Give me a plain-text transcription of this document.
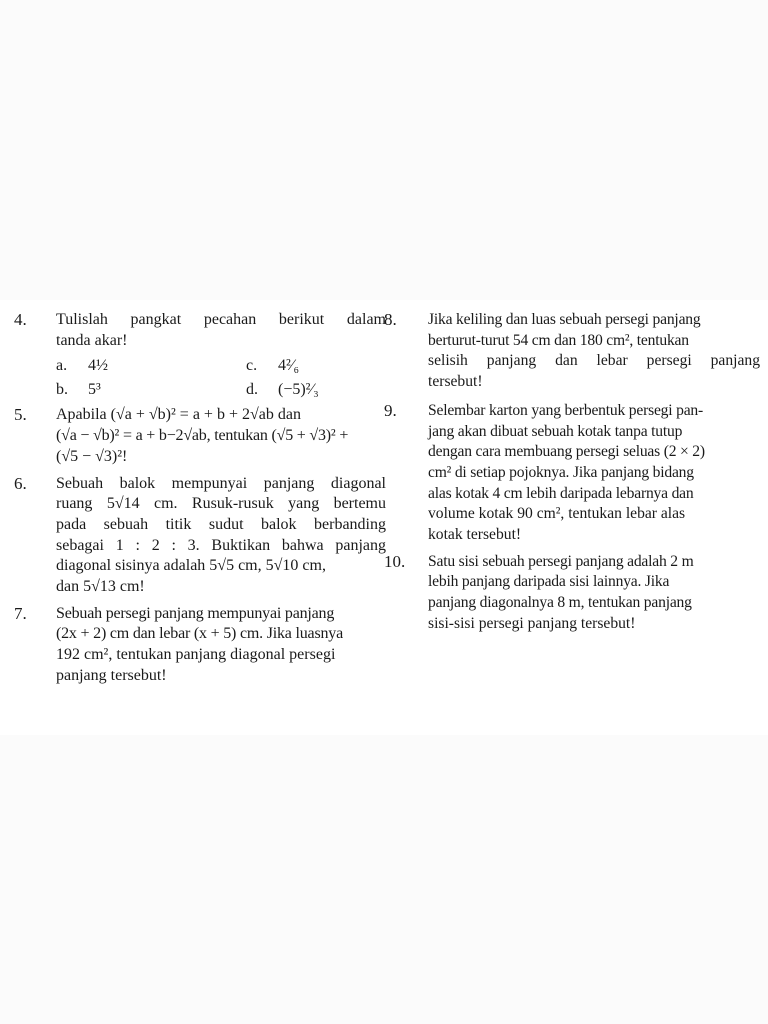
4. Tulislah pangkat pecahan berikut dalam
tanda akar!
a.	4½	c.	4²⁄₆
b.	5³	d.	(−5)²⁄₃
5. Apabila (√a + √b)² = a + b + 2√ab dan
(√a − √b)² = a + b−2√ab, tentukan (√5 + √3)² +
(√5 − √3)²!
6. Sebuah balok mempunyai panjang diagonal
ruang 5√14 cm. Rusuk-rusuk yang bertemu
pada sebuah titik sudut balok berbanding
sebagai 1 : 2 : 3. Buktikan bahwa panjang
diagonal sisinya adalah 5√5 cm, 5√10 cm,
dan 5√13 cm!
7. Sebuah persegi panjang mempunyai panjang
(2x + 2) cm dan lebar (x + 5) cm. Jika luasnya
192 cm², tentukan panjang diagonal persegi
panjang tersebut!
8. Jika keliling dan luas sebuah persegi panjang
berturut-turut 54 cm dan 180 cm², tentukan
selisih panjang dan lebar persegi panjang
tersebut!
9. Selembar karton yang berbentuk persegi pan-
jang akan dibuat sebuah kotak tanpa tutup
dengan cara membuang persegi seluas (2 × 2)
cm² di setiap pojoknya. Jika panjang bidang
alas kotak 4 cm lebih daripada lebarnya dan
volume kotak 90 cm², tentukan lebar alas
kotak tersebut!
10. Satu sisi sebuah persegi panjang adalah 2 m
lebih panjang daripada sisi lainnya. Jika
panjang diagonalnya 8 m, tentukan panjang
sisi-sisi persegi panjang tersebut!
